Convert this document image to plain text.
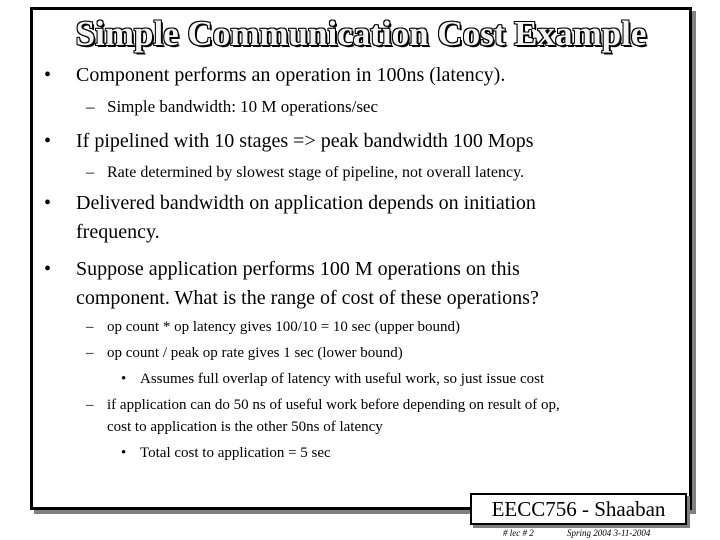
Simple Communication Cost Example
• Component performs an operation in 100ns (latency).
– Simple bandwidth: 10 M operations/sec
• If pipelined with 10 stages => peak bandwidth 100 Mops
– Rate determined by slowest stage of pipeline, not overall latency.
• Delivered bandwidth on application depends on initiation
frequency.
• Suppose application performs 100 M operations on this
component. What is the range of cost of these operations?
– op count * op latency gives 100/10 = 10 sec (upper bound)
– op count / peak op rate gives 1 sec (lower bound)
• Assumes full overlap of latency with useful work, so just issue cost
– if application can do 50 ns of useful work before depending on result of op,
cost to application is the other 50ns of latency
• Total cost to application = 5 sec
EECC756 - Shaaban
# lec # 2	Spring 2004 3-11-2004
